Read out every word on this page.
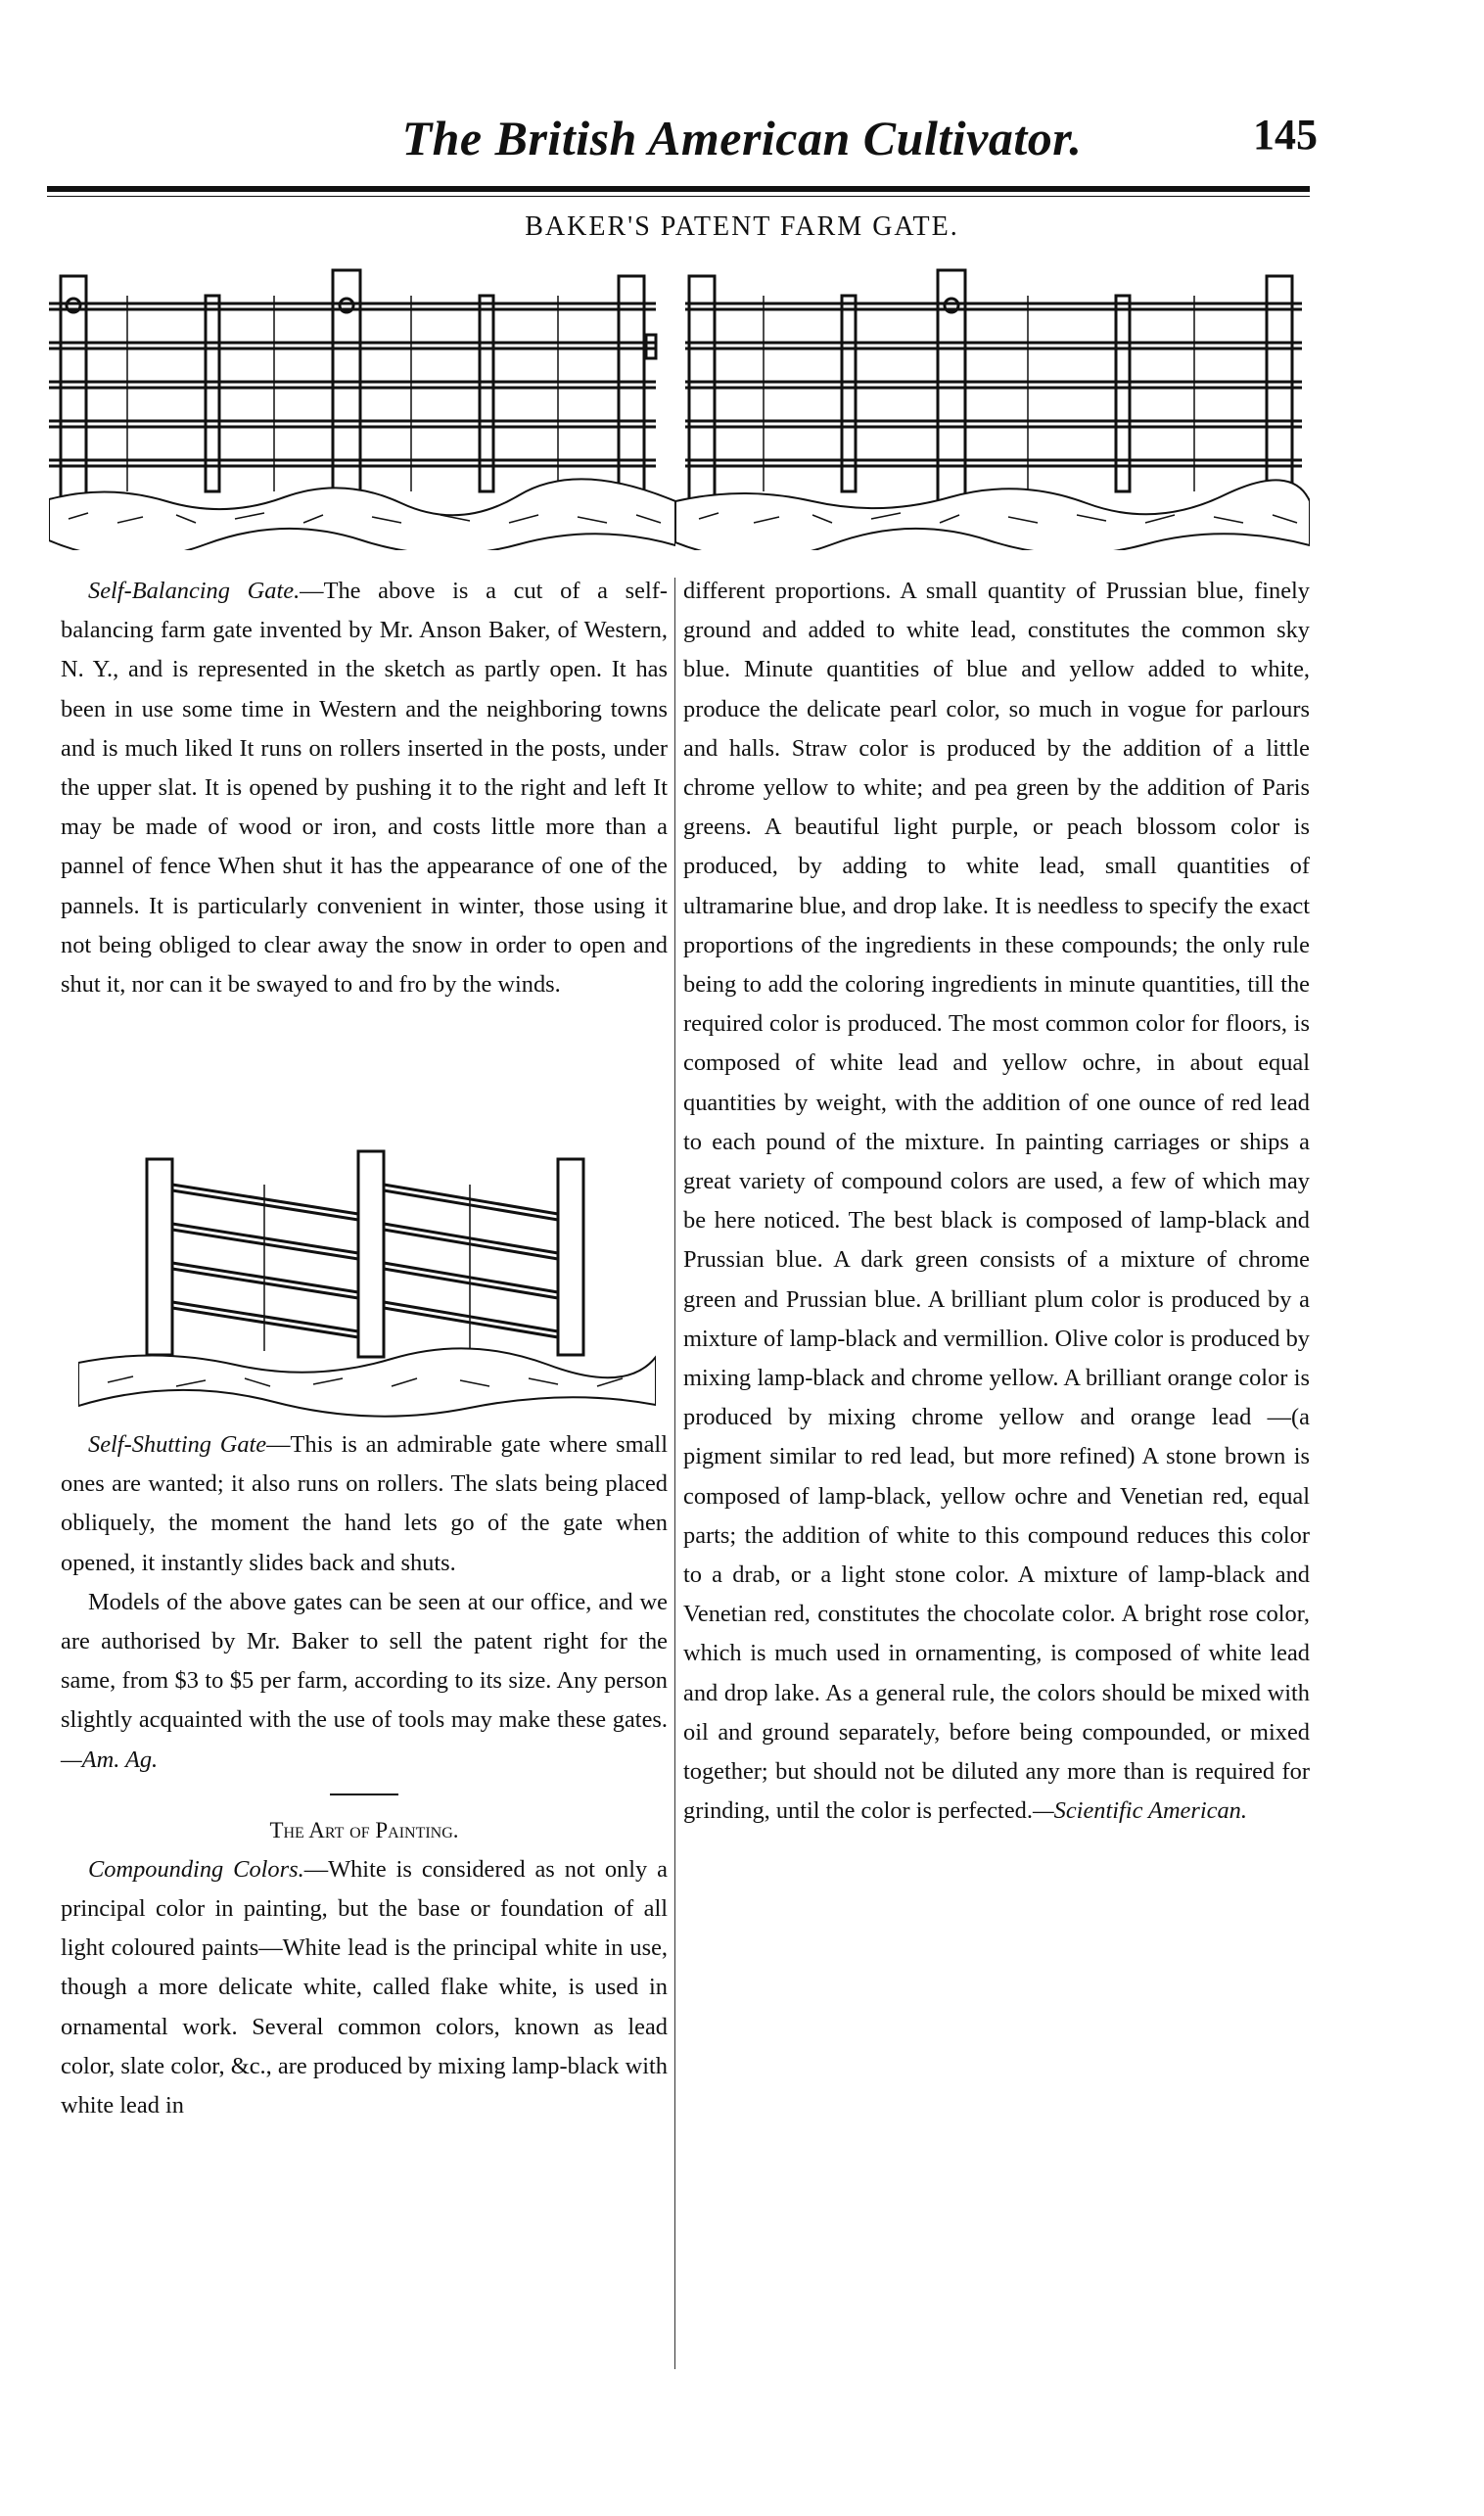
The British American Cultivator.	145
BAKER'S PATENT FARM GATE.

Self-Balancing Gate.—The above is a cut of a self-balancing farm gate invented by Mr. Anson Baker, of Western, N. Y., and is represented in the sketch as partly open. It has been in use some time in Western and the neighboring towns and is much liked It runs on rollers inserted in the posts, under the upper slat. It is opened by pushing it to the right and left It may be made of wood or iron, and costs little more than a pannel of fence When shut it has the appearance of one of the pannels. It is particularly convenient in winter, those using it not being obliged to clear away the snow in order to open and shut it, nor can it be swayed to and fro by the winds.

Self-Shutting Gate—This is an admirable gate where small ones are wanted; it also runs on rollers. The slats being placed obliquely, the moment the hand lets go of the gate when opened, it instantly slides back and shuts.

Models of the above gates can be seen at our office, and we are authorised by Mr. Baker to sell the patent right for the same, from $3 to $5 per farm, according to its size. Any person slightly acquainted with the use of tools may make these gates.—Am. Ag.

The Art of Painting.

Compounding Colors.—White is considered as not only a principal color in painting, but the base or foundation of all light coloured paints—White lead is the principal white in use, though a more delicate white, called flake white, is used in ornamental work. Several common colors, known as lead color, slate color, &c., are produced by mixing lamp-black with white lead in

different proportions. A small quantity of Prussian blue, finely ground and added to white lead, constitutes the common sky blue. Minute quantities of blue and yellow added to white, produce the delicate pearl color, so much in vogue for parlours and halls. Straw color is produced by the addition of a little chrome yellow to white; and pea green by the addition of Paris greens. A beautiful light purple, or peach blossom color is produced, by adding to white lead, small quantities of ultramarine blue, and drop lake. It is needless to specify the exact proportions of the ingredients in these compounds; the only rule being to add the coloring ingredients in minute quantities, till the required color is produced. The most common color for floors, is composed of white lead and yellow ochre, in about equal quantities by weight, with the addition of one ounce of red lead to each pound of the mixture. In painting carriages or ships a great variety of compound colors are used, a few of which may be here noticed. The best black is composed of lamp-black and Prussian blue. A dark green consists of a mixture of chrome green and Prussian blue. A brilliant plum color is produced by a mixture of lamp-black and vermillion. Olive color is produced by mixing lamp-black and chrome yellow. A brilliant orange color is produced by mixing chrome yellow and orange lead —(a pigment similar to red lead, but more refined) A stone brown is composed of lamp-black, yellow ochre and Venetian red, equal parts; the addition of white to this compound reduces this color to a drab, or a light stone color. A mixture of lamp-black and Venetian red, constitutes the chocolate color. A bright rose color, which is much used in ornamenting, is composed of white lead and drop lake. As a general rule, the colors should be mixed with oil and ground separately, before being compounded, or mixed together; but should not be diluted any more than is required for grinding, until the color is perfected.—Scientific American.
